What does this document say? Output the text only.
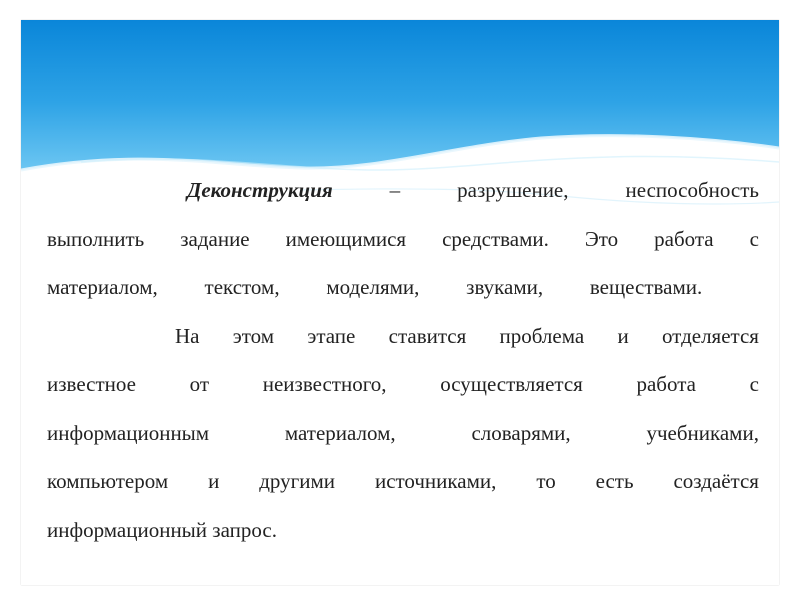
Деконструкция	–	разрушение,	неспособность
выполнить задание имеющимися средствами. Это работа с
материалом, текстом, моделями, звуками, веществами.
На этом этапе ставится проблема и отделяется
известное	от	неизвестного,	осуществляется	работа	с
информационным	материалом,	словарями,	учебниками,
компьютером и другими источниками, то есть создаётся
информационный запрос.
